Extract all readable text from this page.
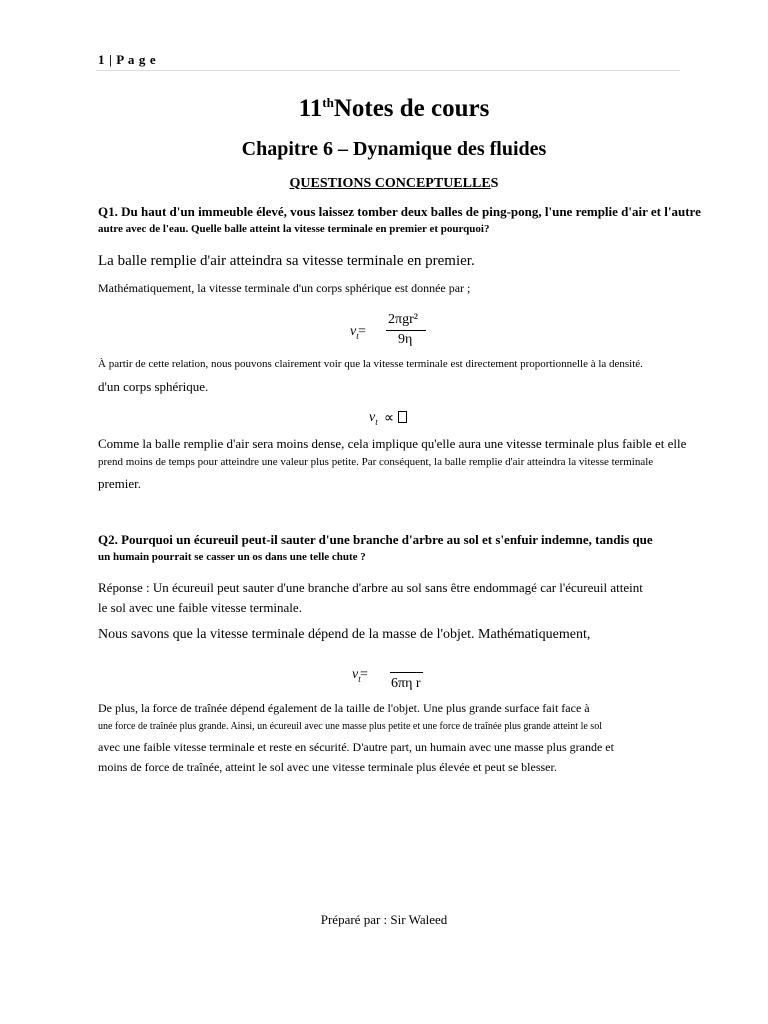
1 | P a g e
11thNotes de cours
Chapitre 6 – Dynamique des fluides
QUESTIONS CONCEPTUELLES
Q1. Du haut d'un immeuble élevé, vous laissez tomber deux balles de ping-pong, l'une remplie d'air et l'autre
autre avec de l'eau. Quelle balle atteint la vitesse terminale en premier et pourquoi?
La balle remplie d'air atteindra sa vitesse terminale en premier.
Mathématiquement, la vitesse terminale d'un corps sphérique est donnée par ;
$v_t$ =
2πgr²
9η
À partir de cette relation, nous pouvons clairement voir que la vitesse terminale est directement proportionnelle à la densité.
d'un corps sphérique.
$v_t$ ∝
Comme la balle remplie d'air sera moins dense, cela implique qu'elle aura une vitesse terminale plus faible et elle
prend moins de temps pour atteindre une valeur plus petite. Par conséquent, la balle remplie d'air atteindra la vitesse terminale
premier.
Q2. Pourquoi un écureuil peut-il sauter d'une branche d'arbre au sol et s'enfuir indemne, tandis que
un humain pourrait se casser un os dans une telle chute ?
Réponse : Un écureuil peut sauter d'une branche d'arbre au sol sans être endommagé car l'écureuil atteint
le sol avec une faible vitesse terminale.
Nous savons que la vitesse terminale dépend de la masse de l'objet. Mathématiquement,
$v_t$ =
6πη r
De plus, la force de traînée dépend également de la taille de l'objet. Une plus grande surface fait face à
une force de traînée plus grande. Ainsi, un écureuil avec une masse plus petite et une force de traînée plus grande atteint le sol
avec une faible vitesse terminale et reste en sécurité. D'autre part, un humain avec une masse plus grande et
moins de force de traînée, atteint le sol avec une vitesse terminale plus élevée et peut se blesser.
Préparé par : Sir Waleed
